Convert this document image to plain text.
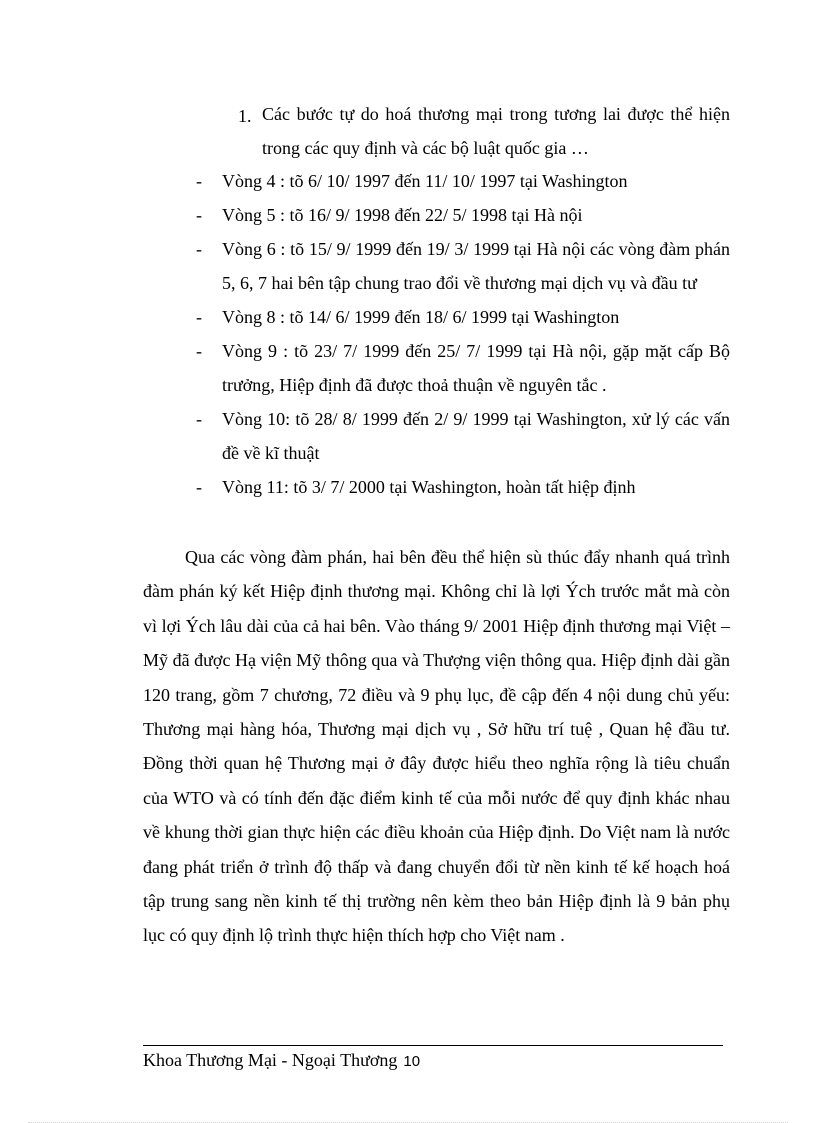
1. Các bước tự do hoá thương mại trong tương lai được thể hiện trong các quy định và các bộ luật quốc gia …
- Vòng 4 : tõ 6/ 10/ 1997 đến 11/ 10/ 1997 tại Washington
- Vòng 5 : tõ 16/ 9/ 1998 đến 22/ 5/ 1998 tại Hà nội
- Vòng 6 : tõ 15/ 9/ 1999 đến 19/ 3/ 1999 tại Hà nội các vòng đàm phán 5, 6, 7 hai bên tập chung trao đổi về thương mại dịch vụ và đầu tư
- Vòng 8 : tõ 14/ 6/ 1999 đến 18/ 6/ 1999 tại Washington
- Vòng 9 : tõ 23/ 7/ 1999 đến 25/ 7/ 1999 tại Hà nội, gặp mặt cấp Bộ trưởng, Hiệp định đã được thoả thuận về nguyên tắc .
- Vòng 10: tõ 28/ 8/ 1999 đến 2/ 9/ 1999 tại Washington, xử lý các vấn đề về kĩ thuật
- Vòng 11: tõ 3/ 7/ 2000 tại Washington, hoàn tất hiệp định
Qua các vòng đàm phán, hai bên đều thể hiện sù thúc đẩy nhanh quá trình đàm phán ký kết Hiệp định thương mại. Không chỉ là lợi Ých trước mắt mà còn vì lợi Ých lâu dài của cả hai bên. Vào tháng 9/ 2001 Hiệp định thương mại Việt –Mỹ đã được Hạ viện Mỹ thông qua và Thượng viện thông qua. Hiệp định dài gần 120 trang, gồm 7 chương, 72 điều và 9 phụ lục, đề cập đến 4 nội dung chủ yếu: Thương mại hàng hóa, Thương mại dịch vụ , Sở hữu trí tuệ , Quan hệ đầu tư. Đồng thời quan hệ Thương mại ở đây được hiểu theo nghĩa rộng là tiêu chuẩn của WTO và có tính đến đặc điểm kinh tế của mỗi nước để quy định khác nhau về khung thời gian thực hiện các điều khoản của Hiệp định. Do Việt nam là nước đang phát triển ở trình độ thấp và đang chuyển đổi từ nền kinh tế kế hoạch hoá tập trung sang nền kinh tế thị trường nên kèm theo bản Hiệp định là 9 bản phụ lục có quy định lộ trình thực hiện thích hợp cho Việt nam .
Khoa Thương Mại - Ngoại Thương 10
